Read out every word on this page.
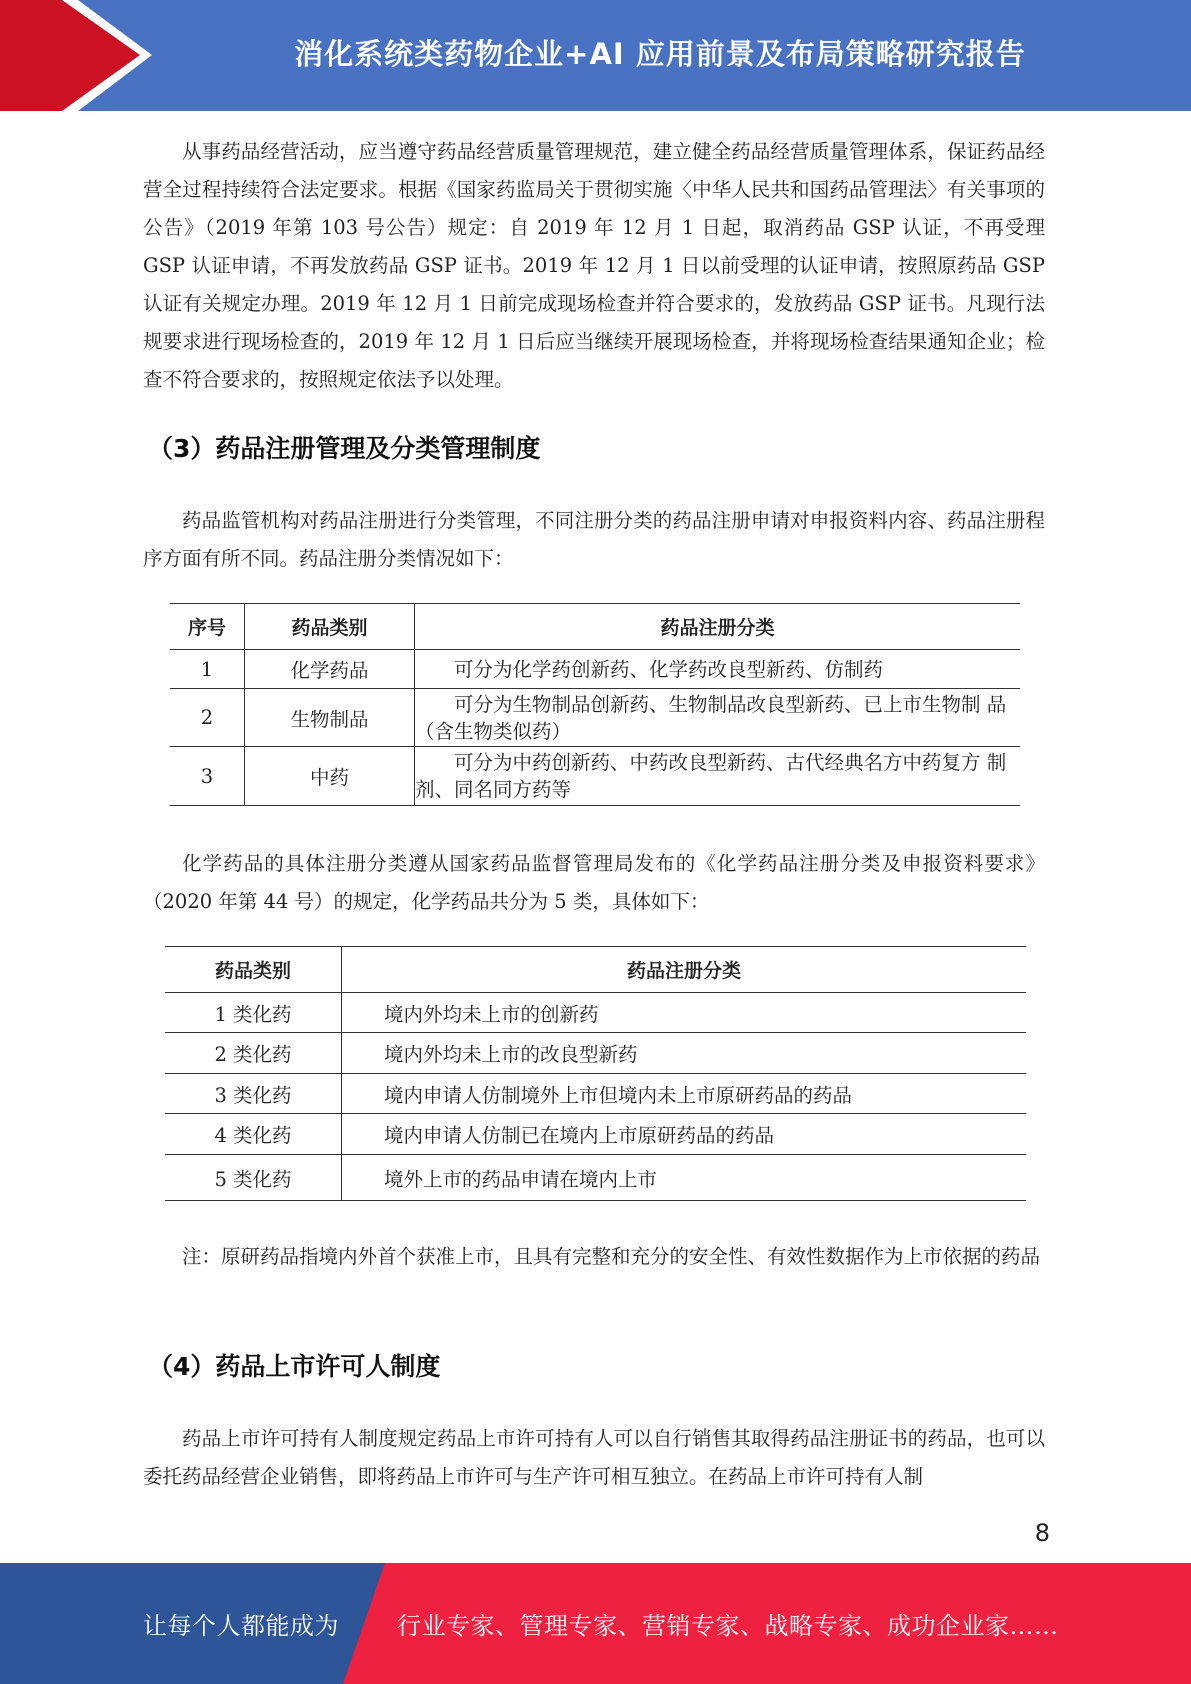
消化系统类药物企业+AI 应用前景及布局策略研究报告

从事药品经营活动，应当遵守药品经营质量管理规范，建立健全药品经营质量管理体系，保证药品经营全过程持续符合法定要求。根据《国家药监局关于贯彻实施〈中华人民共和国药品管理法〉有关事项的公告》（2019 年第 103 号公告）规定：自 2019 年 12 月 1 日起，取消药品 GSP 认证，不再受理 GSP 认证申请，不再发放药品 GSP 证书。2019 年 12 月 1 日以前受理的认证申请，按照原药品 GSP 认证有关规定办理。2019 年 12 月 1 日前完成现场检查并符合要求的，发放药品 GSP 证书。凡现行法规要求进行现场检查的，2019 年 12 月 1 日后应当继续开展现场检查，并将现场检查结果通知企业；检查不符合要求的，按照规定依法予以处理。

（3）药品注册管理及分类管理制度

药品监管机构对药品注册进行分类管理，不同注册分类的药品注册申请对申报资料内容、药品注册程序方面有所不同。药品注册分类情况如下：

序号	药品类别	药品注册分类
1	化学药品	可分为化学药创新药、化学药改良型新药、仿制药
2	生物制品	可分为生物制品创新药、生物制品改良型新药、已上市生物制 品（含生物类似药）
3	中药	可分为中药创新药、中药改良型新药、古代经典名方中药复方 制剂、同名同方药等

化学药品的具体注册分类遵从国家药品监督管理局发布的《化学药品注册分类及申报资料要求》（2020 年第 44 号）的规定，化学药品共分为 5 类，具体如下：

药品类别	药品注册分类
1 类化药	境内外均未上市的创新药
2 类化药	境内外均未上市的改良型新药
3 类化药	境内申请人仿制境外上市但境内未上市原研药品的药品
4 类化药	境内申请人仿制已在境内上市原研药品的药品
5 类化药	境外上市的药品申请在境内上市

注：原研药品指境内外首个获准上市，且具有完整和充分的安全性、有效性数据作为上市依据的药品

（4）药品上市许可人制度

药品上市许可持有人制度规定药品上市许可持有人可以自行销售其取得药品注册证书的药品，也可以委托药品经营企业销售，即将药品上市许可与生产许可相互独立。在药品上市许可持有人制

8
让每个人都能成为 行业专家、管理专家、营销专家、战略专家、成功企业家……
